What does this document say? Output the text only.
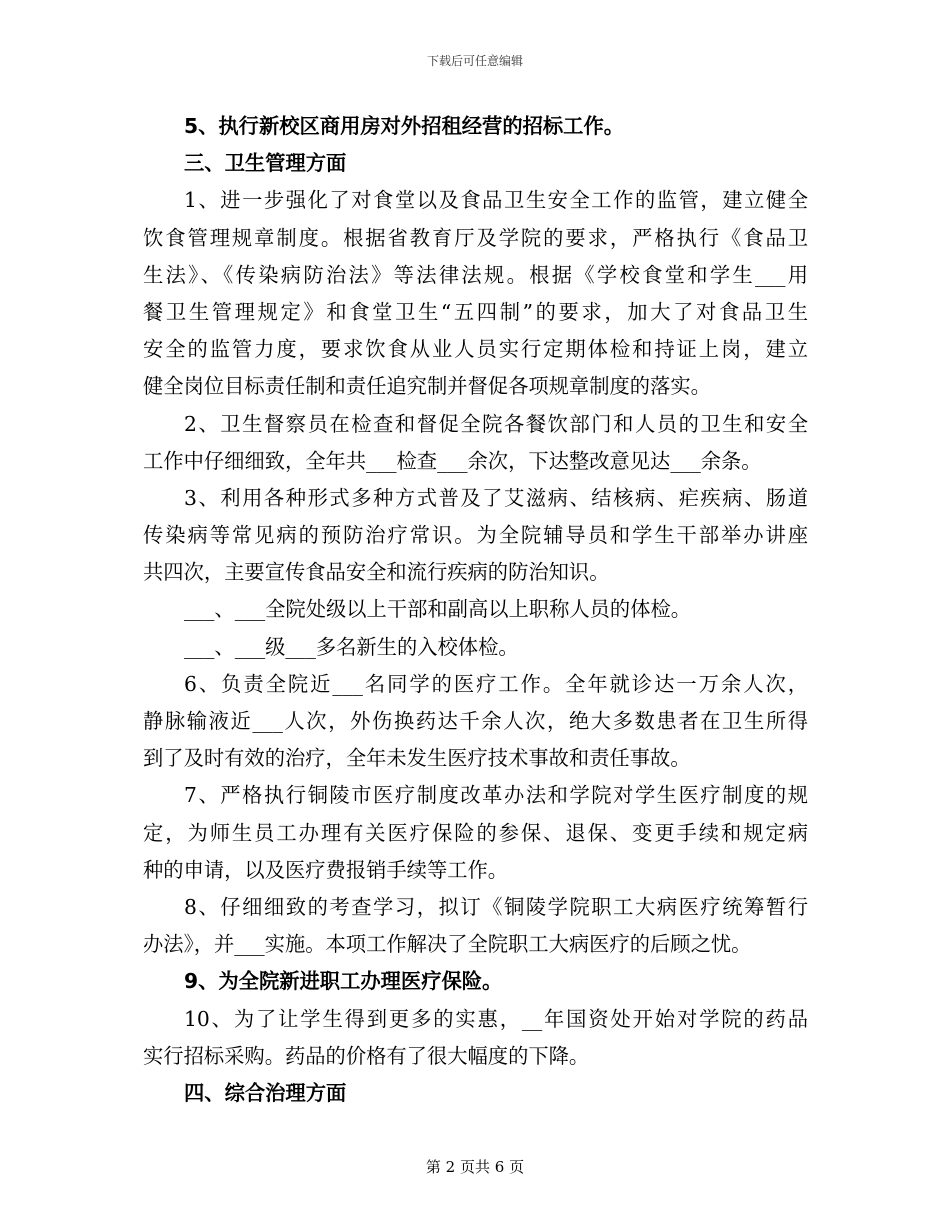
下载后可任意编辑
5、执行新校区商用房对外招租经营的招标工作。
三、卫生管理方面
1、进一步强化了对食堂以及食品卫生安全工作的监管，建立健全
饮食管理规章制度。根据省教育厅及学院的要求，严格执行《食品卫
生法》、《传染病防治法》等法律法规。根据《学校食堂和学生___用
餐卫生管理规定》和食堂卫生“五四制”的要求，加大了对食品卫生
安全的监管力度，要求饮食从业人员实行定期体检和持证上岗，建立
健全岗位目标责任制和责任追究制并督促各项规章制度的落实。
2、卫生督察员在检查和督促全院各餐饮部门和人员的卫生和安全
工作中仔细细致，全年共___检查___余次，下达整改意见达___余条。
3、利用各种形式多种方式普及了艾滋病、结核病、疟疾病、肠道
传染病等常见病的预防治疗常识。为全院辅导员和学生干部举办讲座
共四次，主要宣传食品安全和流行疾病的防治知识。
___、___全院处级以上干部和副高以上职称人员的体检。
___、___级___多名新生的入校体检。
6、负责全院近___名同学的医疗工作。全年就诊达一万余人次，
静脉输液近___人次，外伤换药达千余人次，绝大多数患者在卫生所得
到了及时有效的治疗，全年未发生医疗技术事故和责任事故。
7、严格执行铜陵市医疗制度改革办法和学院对学生医疗制度的规
定，为师生员工办理有关医疗保险的参保、退保、变更手续和规定病
种的申请，以及医疗费报销手续等工作。
8、仔细细致的考查学习，拟订《铜陵学院职工大病医疗统筹暂行
办法》，并___实施。本项工作解决了全院职工大病医疗的后顾之忧。
9、为全院新进职工办理医疗保险。
10、为了让学生得到更多的实惠，__年国资处开始对学院的药品
实行招标采购。药品的价格有了很大幅度的下降。
四、综合治理方面
第 2 页共 6 页
